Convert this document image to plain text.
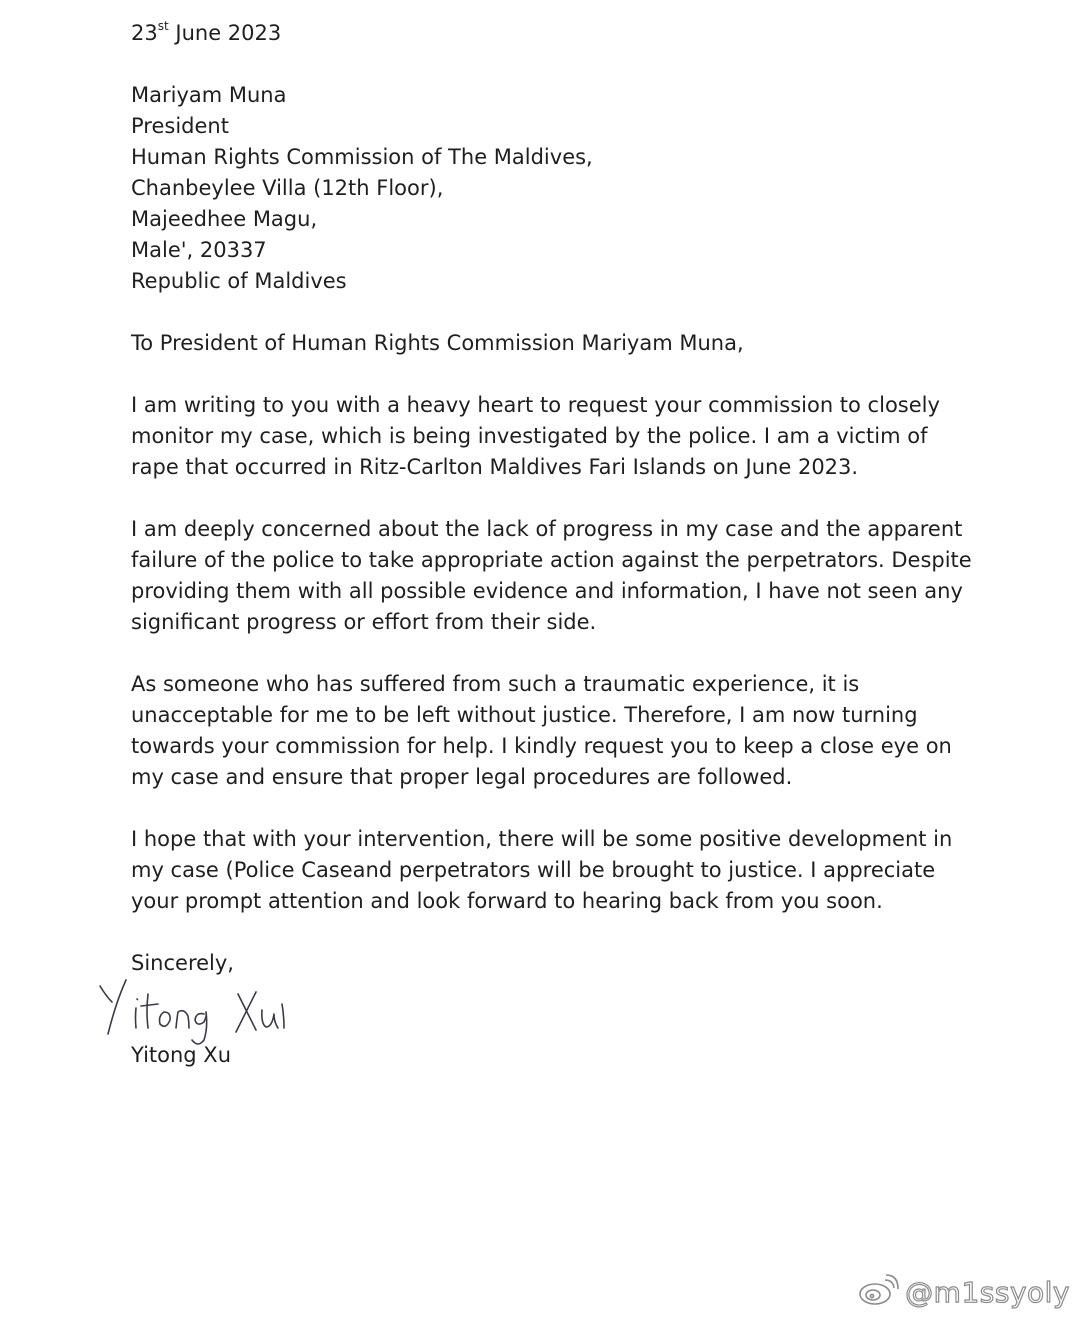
23st June 2023
Mariyam Muna
President
Human Rights Commission of The Maldives,
Chanbeylee Villa (12th Floor),
Majeedhee Magu,
Male', 20337
Republic of Maldives
To President of Human Rights Commission Mariyam Muna,
I am writing to you with a heavy heart to request your commission to closely
monitor my case, which is being investigated by the police. I am a victim of
rape that occurred in Ritz-Carlton Maldives Fari Islands on June 2023.
I am deeply concerned about the lack of progress in my case and the apparent
failure of the police to take appropriate action against the perpetrators. Despite
providing them with all possible evidence and information, I have not seen any
significant progress or effort from their side.
As someone who has suffered from such a traumatic experience, it is
unacceptable for me to be left without justice. Therefore, I am now turning
towards your commission for help. I kindly request you to keep a close eye on
my case and ensure that proper legal procedures are followed.
I hope that with your intervention, there will be some positive development in
my case (Police Caseand perpetrators will be brought to justice. I appreciate
your prompt attention and look forward to hearing back from you soon.
Sincerely,
Yitong Xu
@m1ssyoly
